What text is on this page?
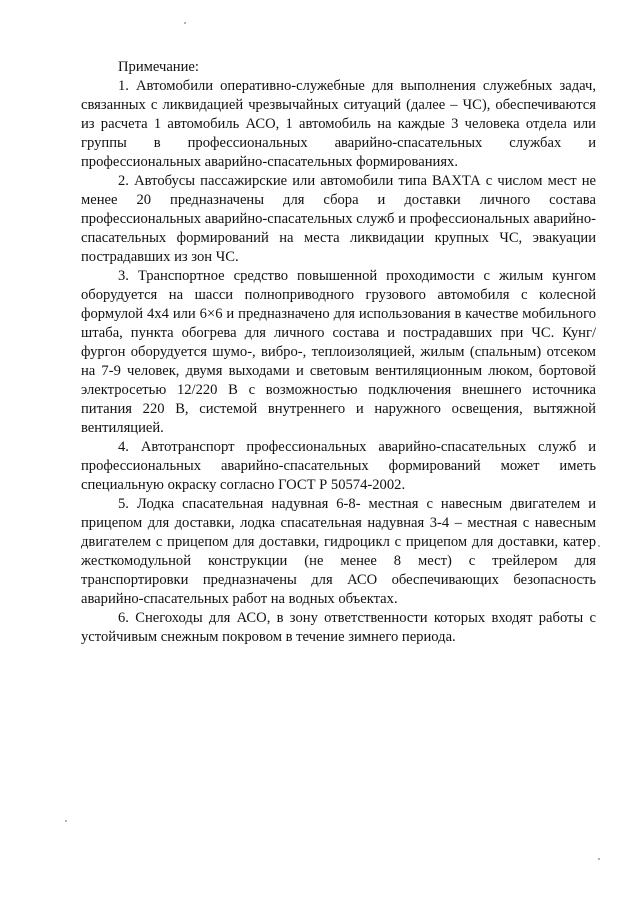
Примечание:

1. Автомобили оперативно-служебные для выполнения служебных задач, связанных с ликвидацией чрезвычайных ситуаций (далее – ЧС), обеспечиваются из расчета 1 автомобиль АСО, 1 автомобиль на каждые 3 человека отдела или группы в профессиональных аварийно-спасательных службах и профессиональных аварийно-спасательных формированиях.

2. Автобусы пассажирские или автомобили типа ВАХТА с числом мест не менее 20 предназначены для сбора и доставки личного состава профессиональных аварийно-спасательных служб и профессиональных аварийно-спасательных формирований на места ликвидации крупных ЧС, эвакуации пострадавших из зон ЧС.

3. Транспортное средство повышенной проходимости с жилым кунгом оборудуется на шасси полноприводного грузового автомобиля с колесной формулой 4х4 или 6×6 и предназначено для использования в качестве мобильного штаба, пункта обогрева для личного состава и пострадавших при ЧС. Кунг/фургон оборудуется шумо-, вибро-, теплоизоляцией, жилым (спальным) отсеком на 7-9 человек, двумя выходами и световым вентиляционным люком, бортовой электросетью 12/220 В с возможностью подключения внешнего источника питания 220 В, системой внутреннего и наружного освещения, вытяжной вентиляцией.

4. Автотранспорт профессиональных аварийно-спасательных служб и профессиональных аварийно-спасательных формирований может иметь специальную окраску согласно ГОСТ Р 50574-2002.

5. Лодка спасательная надувная 6-8- местная с навесным двигателем и прицепом для доставки, лодка спасательная надувная 3-4 – местная с навесным двигателем с прицепом для доставки, гидроцикл с прицепом для доставки, катер жесткомодульной конструкции (не менее 8 мест) с трейлером для транспортировки предназначены для АСО обеспечивающих безопасность аварийно-спасательных работ на водных объектах.

6. Снегоходы для АСО, в зону ответственности которых входят работы с устойчивым снежным покровом в течение зимнего периода.
